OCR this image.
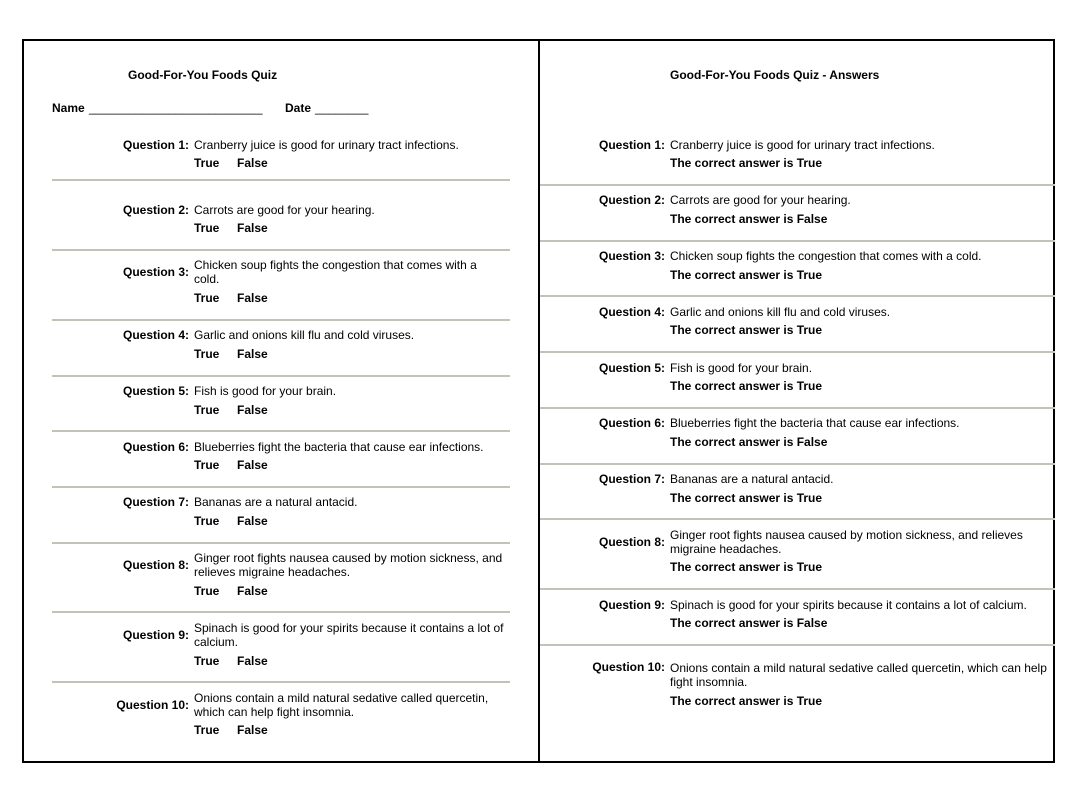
Good-For-You Foods Quiz
Name __________________________ Date ________
Question 1: Cranberry juice is good for urinary tract infections.
True False
Question 2: Carrots are good for your hearing.
True False
Question 3: Chicken soup fights the congestion that comes with a cold.
True False
Question 4: Garlic and onions kill flu and cold viruses.
True False
Question 5: Fish is good for your brain.
True False
Question 6: Blueberries fight the bacteria that cause ear infections.
True False
Question 7: Bananas are a natural antacid.
True False
Question 8: Ginger root fights nausea caused by motion sickness, and relieves migraine headaches.
True False
Question 9: Spinach is good for your spirits because it contains a lot of calcium.
True False
Question 10: Onions contain a mild natural sedative called quercetin, which can help fight insomnia.
True False
Good-For-You Foods Quiz - Answers
Question 1: Cranberry juice is good for urinary tract infections.
The correct answer is True
Question 2: Carrots are good for your hearing.
The correct answer is False
Question 3: Chicken soup fights the congestion that comes with a cold.
The correct answer is True
Question 4: Garlic and onions kill flu and cold viruses.
The correct answer is True
Question 5: Fish is good for your brain.
The correct answer is True
Question 6: Blueberries fight the bacteria that cause ear infections.
The correct answer is False
Question 7: Bananas are a natural antacid.
The correct answer is True
Question 8: Ginger root fights nausea caused by motion sickness, and relieves migraine headaches.
The correct answer is True
Question 9: Spinach is good for your spirits because it contains a lot of calcium.
The correct answer is False
Question 10: Onions contain a mild natural sedative called quercetin, which can help fight insomnia.
The correct answer is True
